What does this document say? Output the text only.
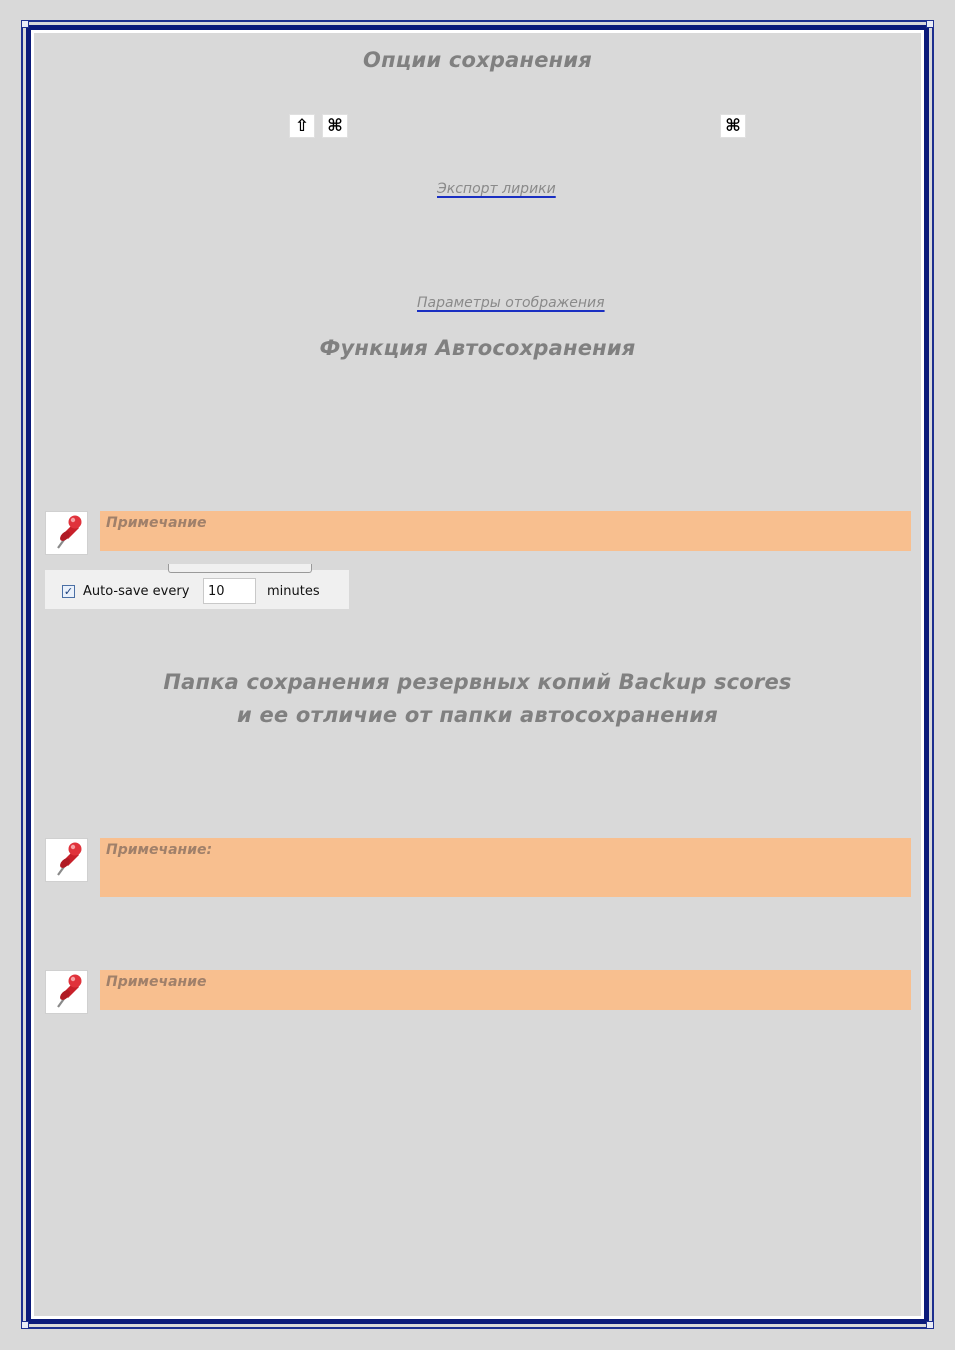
Опции сохранения
⇧	⌘	⌘
Экспорт лирики
Параметры отображения
Функция Автосохранения
Примечание
✓ Auto-save every
10	minutes
Папка сохранения резервных копий Backup scores
и ее отличие от папки автосохранения
Примечание:
Примечание
